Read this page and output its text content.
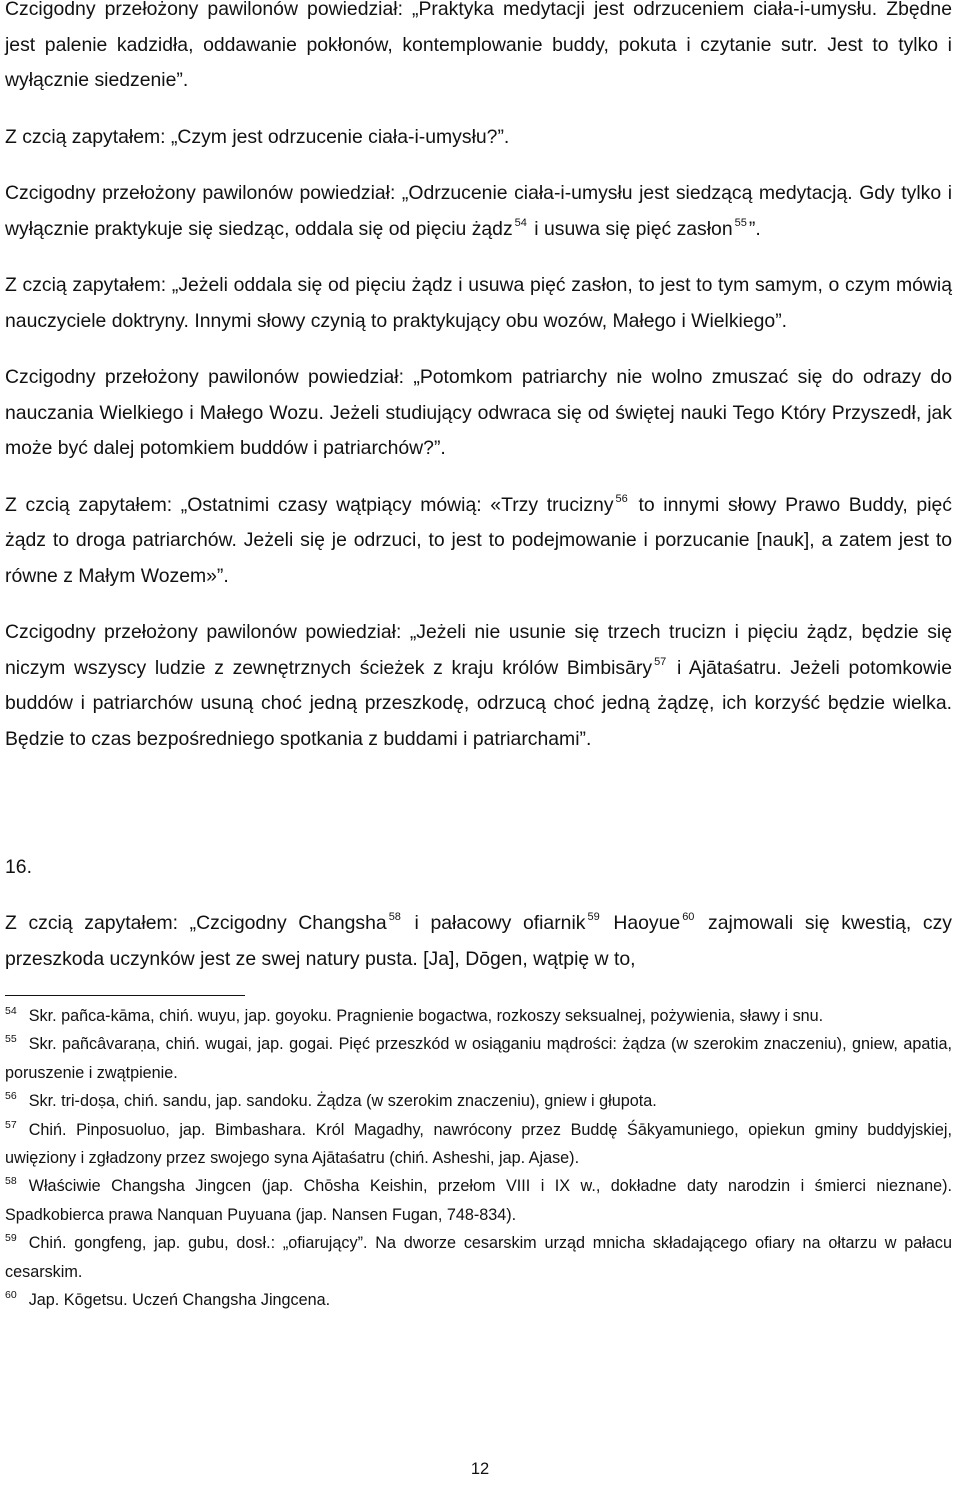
Czcigodny przełożony pawilonów powiedział: „Praktyka medytacji jest odrzuceniem ciała-i-umysłu. Zbędne jest palenie kadzidła, oddawanie pokłonów, kontemplowanie buddy, pokuta i czytanie sutr. Jest to tylko i wyłącznie siedzenie”.

Z czcią zapytałem: „Czym jest odrzucenie ciała-i-umysłu?”.

Czcigodny przełożony pawilonów powiedział: „Odrzucenie ciała-i-umysłu jest siedzącą medytacją. Gdy tylko i wyłącznie praktykuje się siedząc, oddala się od pięciu żądz $^{54}$ i usuwa się pięć zasłon $^{55}$ ”.

Z czcią zapytałem: „Jeżeli oddala się od pięciu żądz i usuwa pięć zasłon, to jest to tym samym, o czym mówią nauczyciele doktryny. Innymi słowy czynią to praktykujący obu wozów, Małego i Wielkiego”.

Czcigodny przełożony pawilonów powiedział: „Potomkom patriarchy nie wolno zmuszać się do odrazy do nauczania Wielkiego i Małego Wozu. Jeżeli studiujący odwraca się od świętej nauki Tego Który Przyszedł, jak może być dalej potomkiem buddów i patriarchów?”.

Z czcią zapytałem: „Ostatnimi czasy wątpiący mówią: «Trzy trucizny $^{56}$ to innymi słowy Prawo Buddy, pięć żądz to droga patriarchów. Jeżeli się je odrzuci, to jest to podejmowanie i porzucanie [nauk], a zatem jest to równe z Małym Wozem»”.

Czcigodny przełożony pawilonów powiedział: „Jeżeli nie usunie się trzech trucizn i pięciu żądz, będzie się niczym wszyscy ludzie z zewnętrznych ścieżek z kraju królów Bimbisāry $^{57}$ i Ajātaśatru. Jeżeli potomkowie buddów i patriarchów usuną choć jedną przeszkodę, odrzucą choć jedną żądzę, ich korzyść będzie wielka. Będzie to czas bezpośredniego spotkania z buddami i patriarchami”.

16.

Z czcią zapytałem: „Czcigodny Changsha $^{58}$ i pałacowy ofiarnik $^{59}$ Haoyue $^{60}$ zajmowali się kwestią, czy przeszkoda uczynków jest ze swej natury pusta. [Ja], Dōgen, wątpię w to,

$^{54}$ Skr. pañca-kāma, chiń. wuyu, jap. goyoku. Pragnienie bogactwa, rozkoszy seksualnej, pożywienia, sławy i snu.

$^{55}$ Skr. pañcâvaraṇa, chiń. wugai, jap. gogai. Pięć przeszkód w osiąganiu mądrości: żądza (w szerokim znaczeniu), gniew, apatia, poruszenie i zwątpienie.

$^{56}$ Skr. tri-doṣa, chiń. sandu, jap. sandoku. Żądza (w szerokim znaczeniu), gniew i głupota.

$^{57}$ Chiń. Pinposuoluo, jap. Bimbashara. Król Magadhy, nawrócony przez Buddę Śākyamuniego, opiekun gminy buddyjskiej, uwięziony i zgładzony przez swojego syna Ajātaśatru (chiń. Asheshi, jap. Ajase).

$^{58}$ Właściwie Changsha Jingcen (jap. Chōsha Keishin, przełom VIII i IX w., dokładne daty narodzin i śmierci nieznane). Spadkobierca prawa Nanquan Puyuana (jap. Nansen Fugan, 748-834).

$^{59}$ Chiń. gongfeng, jap. gubu, dosł.: „ofiarujący”. Na dworze cesarskim urząd mnicha składającego ofiary na ołtarzu w pałacu cesarskim.

$^{60}$ Jap. Kōgetsu. Uczeń Changsha Jingcena.

12
